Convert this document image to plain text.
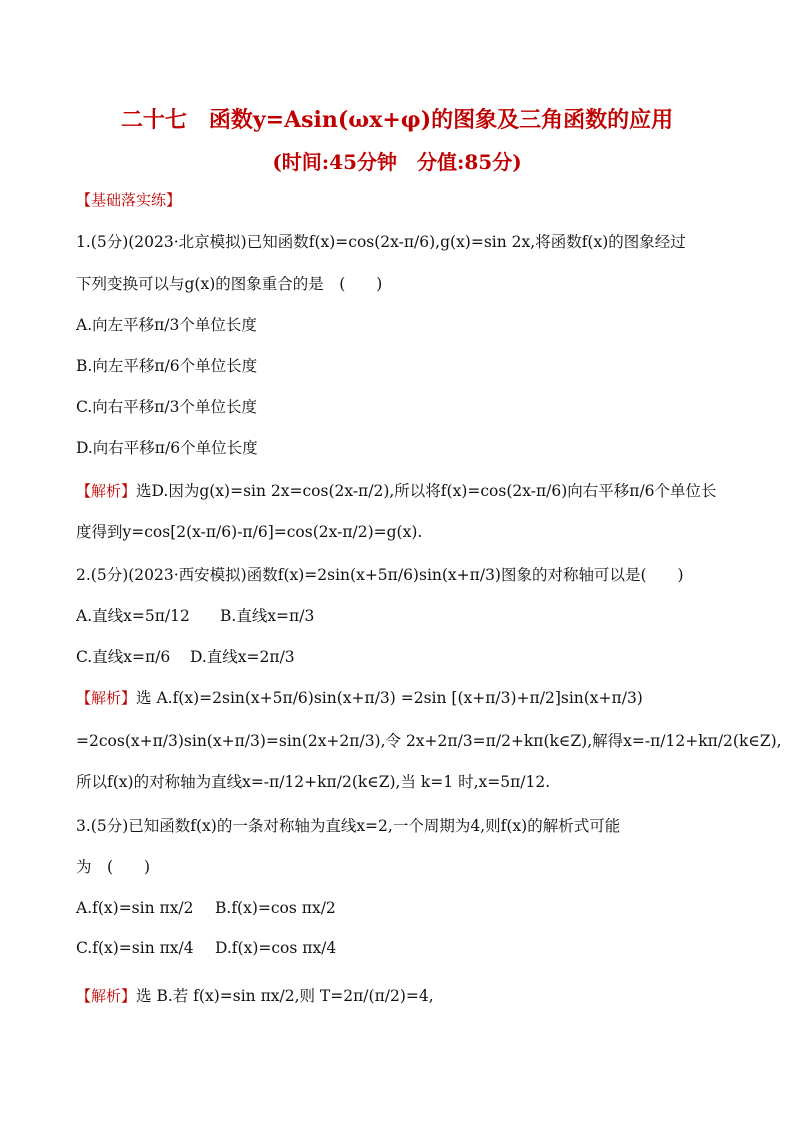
二十七　函数y=Asin(ωx+φ)的图象及三角函数的应用
(时间:45分钟　分值:85分)
【基础落实练】
1.(5分)(2023·北京模拟)已知函数f(x)=cos(2x-π/6),g(x)=sin 2x,将函数f(x)的图象经过
下列变换可以与g(x)的图象重合的是　(　　)
A.向左平移π/3个单位长度
B.向左平移π/6个单位长度
C.向右平移π/3个单位长度
D.向右平移π/6个单位长度
【解析】选D.因为g(x)=sin 2x=cos(2x-π/2),所以将f(x)=cos(2x-π/6)向右平移π/6个单位长
度得到y=cos[2(x-π/6)-π/6]=cos(2x-π/2)=g(x).
2.(5分)(2023·西安模拟)函数f(x)=2sin(x+5π/6)sin(x+π/3)图象的对称轴可以是(　　)
A.直线x=5π/12 B.直线x=π/3
C.直线x=π/6 D.直线x=2π/3
【解析】选 A.f(x)=2sin(x+5π/6)sin(x+π/3) =2sin [(x+π/3)+π/2]sin(x+π/3)
=2cos(x+π/3)sin(x+π/3)=sin(2x+2π/3),令 2x+2π/3=π/2+kπ(k∈Z),解得x=-π/12+kπ/2(k∈Z),
所以f(x)的对称轴为直线x=-π/12+kπ/2(k∈Z),当 k=1 时,x=5π/12.
3.(5分)已知函数f(x)的一条对称轴为直线x=2,一个周期为4,则f(x)的解析式可能
为　(　　)
A.f(x)=sin πx/2 B.f(x)=cos πx/2
C.f(x)=sin πx/4 D.f(x)=cos πx/4
【解析】选 B.若 f(x)=sin πx/2,则 T=2π/(π/2)=4,
